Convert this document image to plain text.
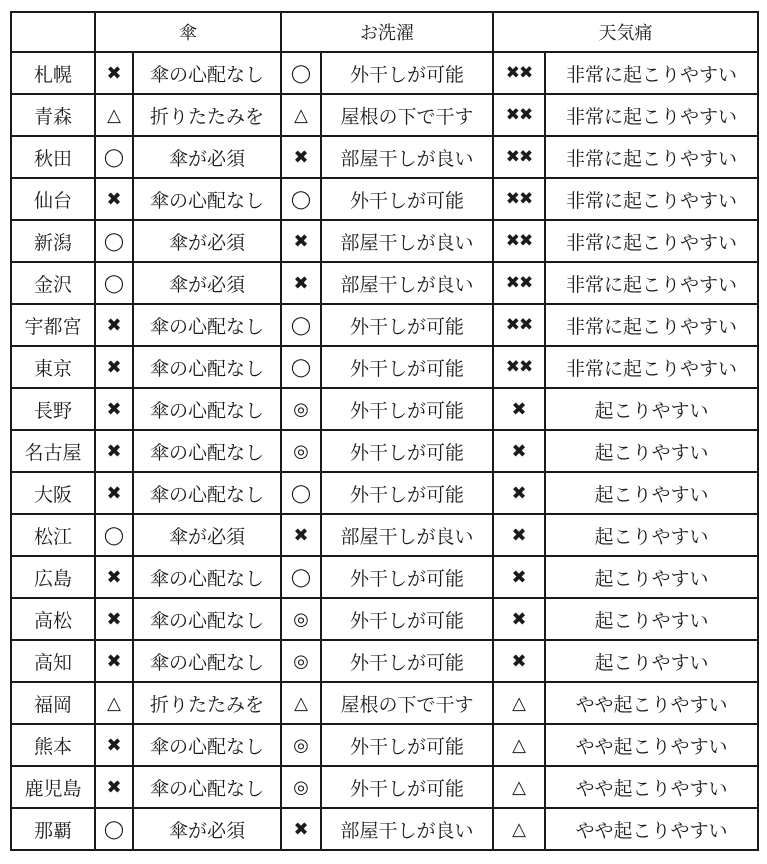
	傘		お洗濯		天気痛	
札幌	✖	傘の心配なし	◯	外干しが可能	✖✖	非常に起こりやすい
青森	△	折りたたみを	△	屋根の下で干す	✖✖	非常に起こりやすい
秋田	◯	傘が必須	✖	部屋干しが良い	✖✖	非常に起こりやすい
仙台	✖	傘の心配なし	◯	外干しが可能	✖✖	非常に起こりやすい
新潟	◯	傘が必須	✖	部屋干しが良い	✖✖	非常に起こりやすい
金沢	◯	傘が必須	✖	部屋干しが良い	✖✖	非常に起こりやすい
宇都宮	✖	傘の心配なし	◯	外干しが可能	✖✖	非常に起こりやすい
東京	✖	傘の心配なし	◯	外干しが可能	✖✖	非常に起こりやすい
長野	✖	傘の心配なし	◎	外干しが可能	✖	起こりやすい
名古屋	✖	傘の心配なし	◎	外干しが可能	✖	起こりやすい
大阪	✖	傘の心配なし	◯	外干しが可能	✖	起こりやすい
松江	◯	傘が必須	✖	部屋干しが良い	✖	起こりやすい
広島	✖	傘の心配なし	◯	外干しが可能	✖	起こりやすい
高松	✖	傘の心配なし	◎	外干しが可能	✖	起こりやすい
高知	✖	傘の心配なし	◎	外干しが可能	✖	起こりやすい
福岡	△	折りたたみを	△	屋根の下で干す	△	やや起こりやすい
熊本	✖	傘の心配なし	◎	外干しが可能	△	やや起こりやすい
鹿児島	✖	傘の心配なし	◎	外干しが可能	△	やや起こりやすい
那覇	◯	傘が必須	✖	部屋干しが良い	△	やや起こりやすい
